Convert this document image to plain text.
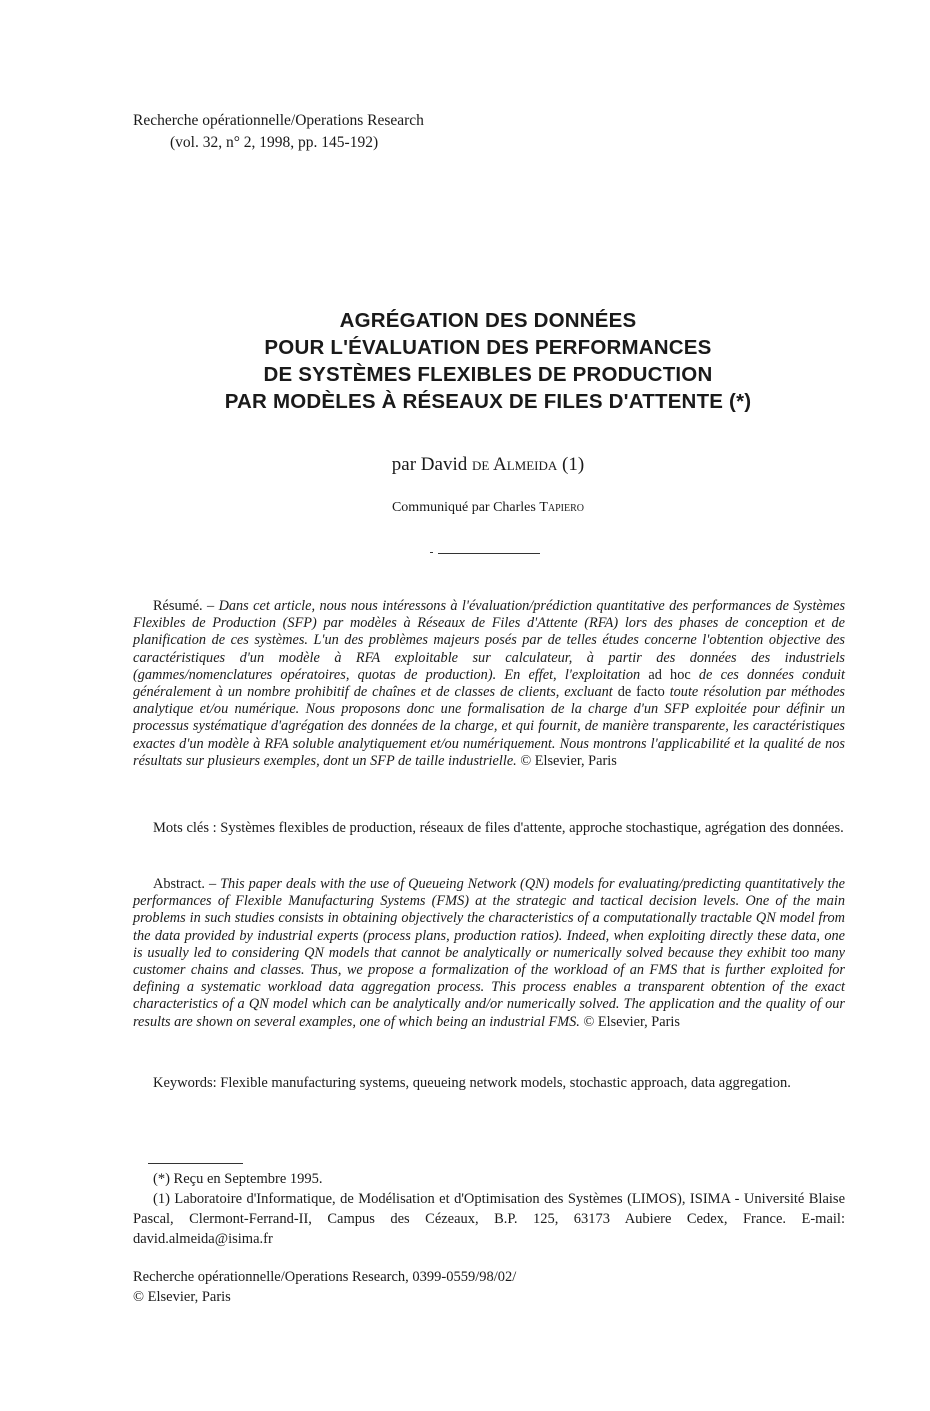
Recherche opérationnelle/Operations Research
(vol. 32, n° 2, 1998, pp. 145-192)
AGRÉGATION DES DONNÉES
POUR L'ÉVALUATION DES PERFORMANCES
DE SYSTÈMES FLEXIBLES DE PRODUCTION
PAR MODÈLES À RÉSEAUX DE FILES D'ATTENTE (*)
par David de Almeida (1)
Communiqué par Charles Tapiero
Résumé. – Dans cet article, nous nous intéressons à l'évaluation/prédiction quantitative des performances de Systèmes Flexibles de Production (SFP) par modèles à Réseaux de Files d'Attente (RFA) lors des phases de conception et de planification de ces systèmes. L'un des problèmes majeurs posés par de telles études concerne l'obtention objective des caractéristiques d'un modèle à RFA exploitable sur calculateur, à partir des données des industriels (gammes/nomenclatures opératoires, quotas de production). En effet, l'exploitation ad hoc de ces données conduit généralement à un nombre prohibitif de chaînes et de classes de clients, excluant de facto toute résolution par méthodes analytique et/ou numérique. Nous proposons donc une formalisation de la charge d'un SFP exploitée pour définir un processus systématique d'agrégation des données de la charge, et qui fournit, de manière transparente, les caractéristiques exactes d'un modèle à RFA soluble analytiquement et/ou numériquement. Nous montrons l'applicabilité et la qualité de nos résultats sur plusieurs exemples, dont un SFP de taille industrielle. © Elsevier, Paris
Mots clés : Systèmes flexibles de production, réseaux de files d'attente, approche stochastique, agrégation des données.
Abstract. – This paper deals with the use of Queueing Network (QN) models for evaluating/predicting quantitatively the performances of Flexible Manufacturing Systems (FMS) at the strategic and tactical decision levels. One of the main problems in such studies consists in obtaining objectively the characteristics of a computationally tractable QN model from the data provided by industrial experts (process plans, production ratios). Indeed, when exploiting directly these data, one is usually led to considering QN models that cannot be analytically or numerically solved because they exhibit too many customer chains and classes. Thus, we propose a formalization of the workload of an FMS that is further exploited for defining a systematic workload data aggregation process. This process enables a transparent obtention of the exact characteristics of a QN model which can be analytically and/or numerically solved. The application and the quality of our results are shown on several examples, one of which being an industrial FMS. © Elsevier, Paris
Keywords: Flexible manufacturing systems, queueing network models, stochastic approach, data aggregation.
(*) Reçu en Septembre 1995.
(1) Laboratoire d'Informatique, de Modélisation et d'Optimisation des Systèmes (LIMOS), ISIMA - Université Blaise Pascal, Clermont-Ferrand-II, Campus des Cézeaux, B.P. 125, 63173 Aubiere Cedex, France. E-mail: david.almeida@isima.fr
Recherche opérationnelle/Operations Research, 0399-0559/98/02/
© Elsevier, Paris
